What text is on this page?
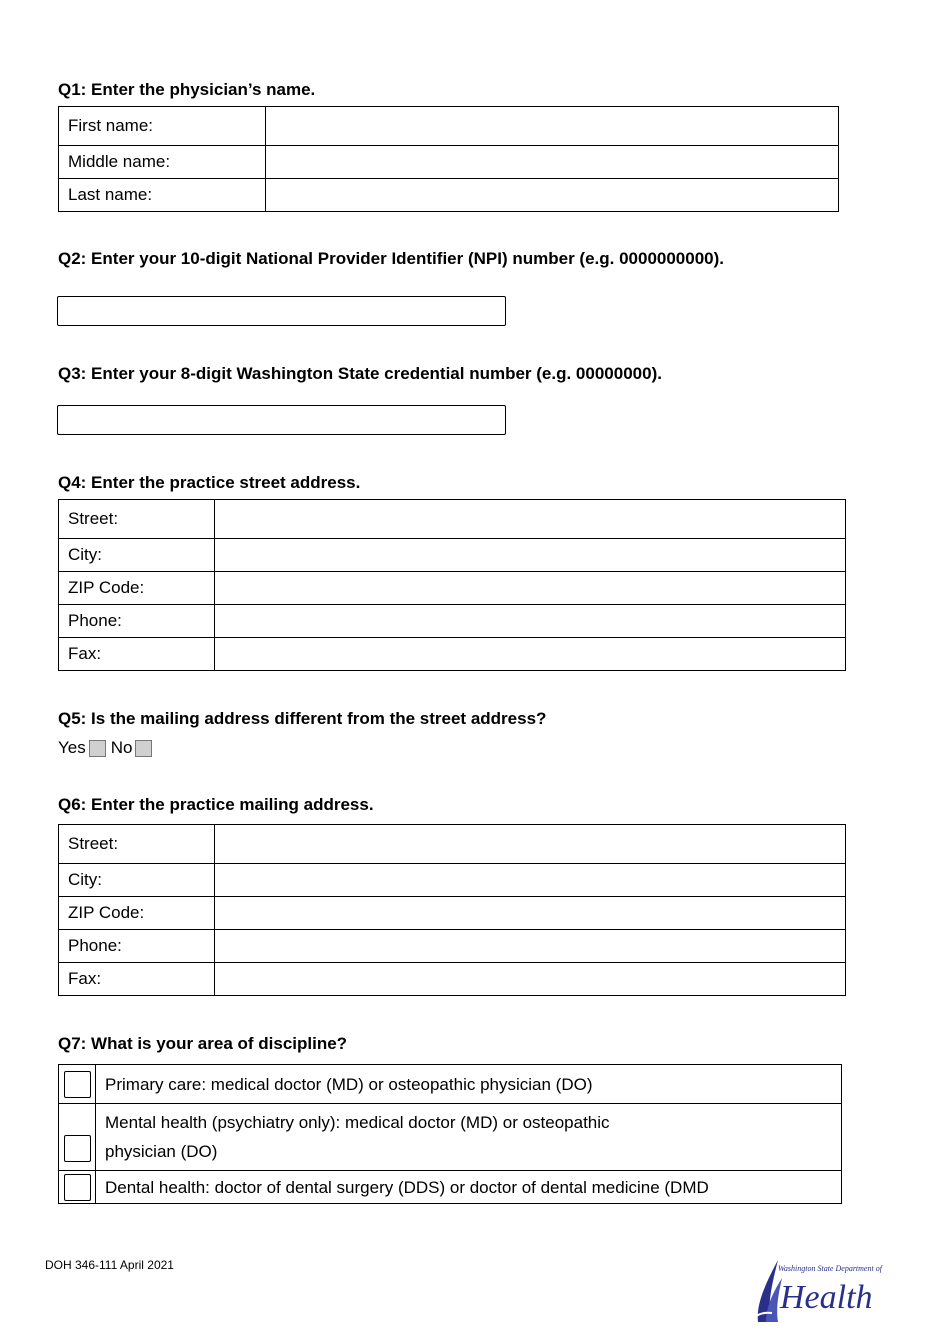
Q1: Enter the physician’s name.

First name:	
Middle name:	
Last name:	

Q2: Enter your 10-digit National Provider Identifier (NPI) number (e.g. 0000000000).

Q3: Enter your 8-digit Washington State credential number (e.g. 00000000).

Q4: Enter the practice street address.

Street:	
City:	
ZIP Code:	
Phone:	
Fax:	

Q5: Is the mailing address different from the street address?

Yes No

Q6: Enter the practice mailing address.

Street:	
City:	
ZIP Code:	
Phone:	
Fax:	

Q7: What is your area of discipline?

	Primary care: medical doctor (MD) or osteopathic physician (DO)
	Mental health (psychiatry only): medical doctor (MD) or osteopathic
physician (DO)
	Dental health: doctor of dental surgery (DDS) or doctor of dental medicine (DMD
DOH 346-111 April 2021	Washington State Department of
Health
